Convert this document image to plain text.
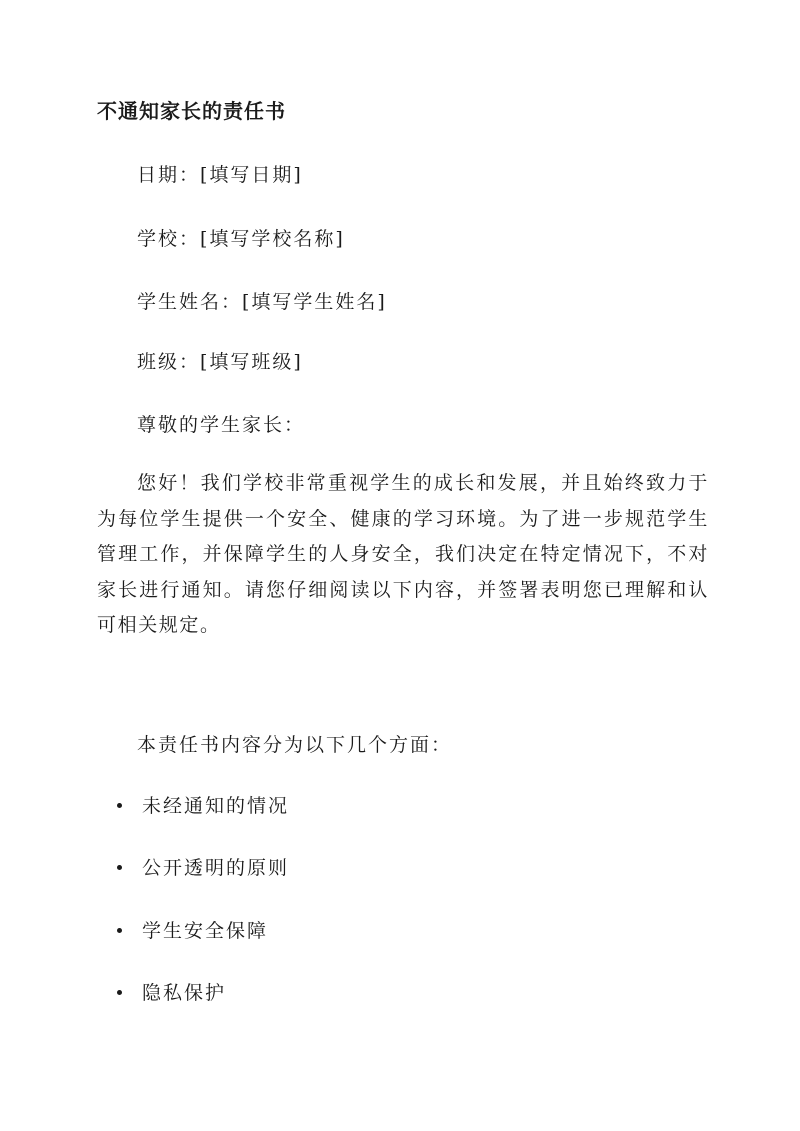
不通知家长的责任书

日期：[填写日期]

学校：[填写学校名称]

学生姓名：[填写学生姓名]

班级：[填写班级]

尊敬的学生家长：

您好！我们学校非常重视学生的成长和发展，并且始终致力于为每位学生提供一个安全、健康的学习环境。为了进一步规范学生管理工作，并保障学生的人身安全，我们决定在特定情况下，不对家长进行通知。请您仔细阅读以下内容，并签署表明您已理解和认可相关规定。

本责任书内容分为以下几个方面：

未经通知的情况
公开透明的原则
学生安全保障
隐私保护
